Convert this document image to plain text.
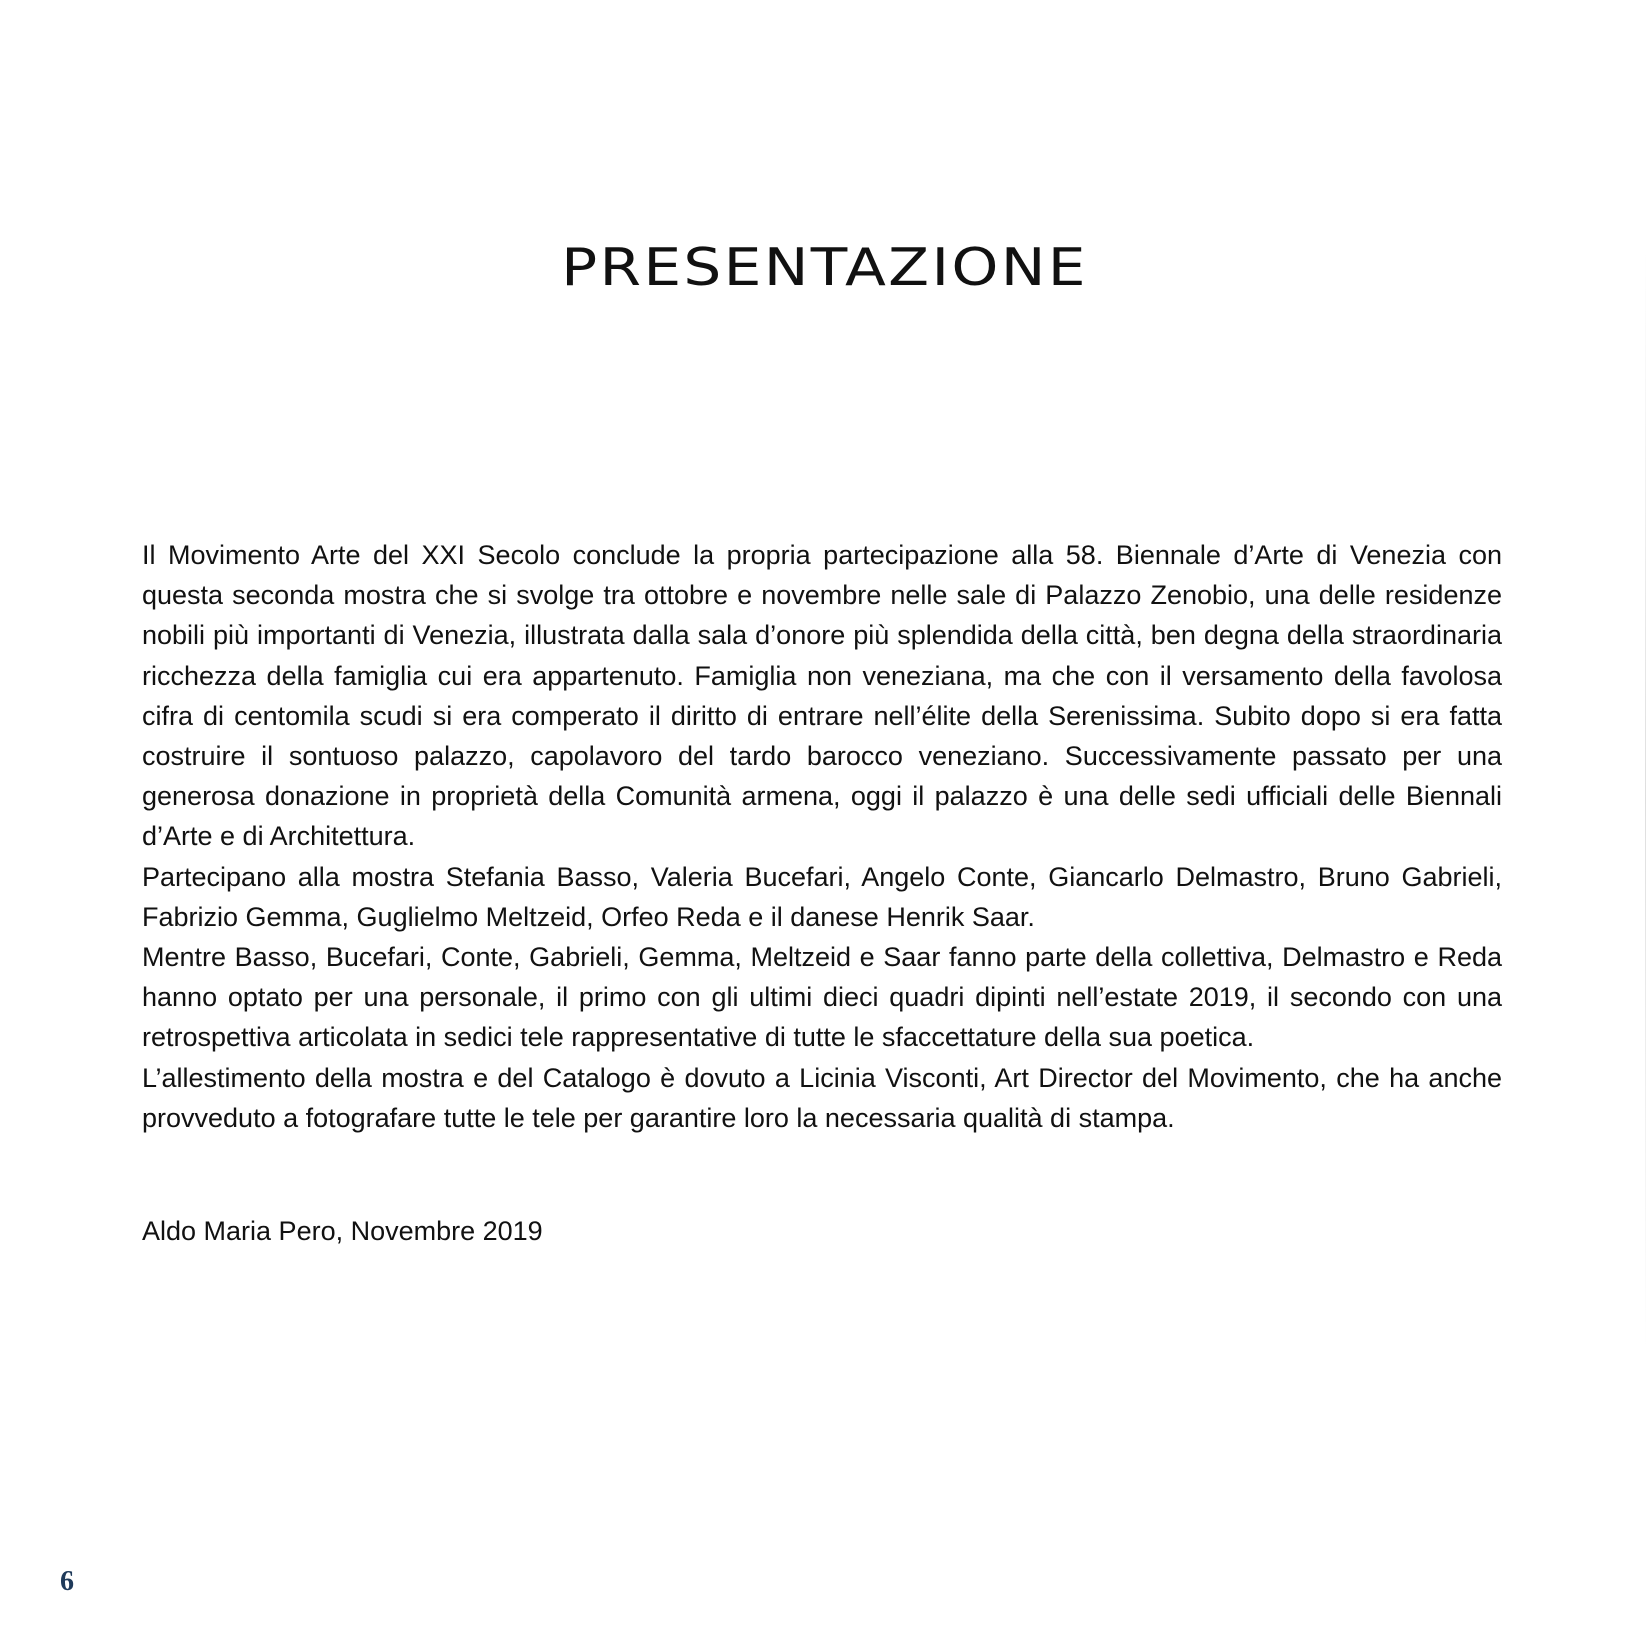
PRESENTAZIONE

Il Movimento Arte del XXI Secolo conclude la propria partecipazione alla 58. Biennale d’Arte di Venezia con questa seconda mostra che si svolge tra ottobre e novembre nelle sale di Palazzo Zenobio, una delle residenze nobili più importanti di Venezia, illustrata dalla sala d’onore più splendida della città, ben degna della straordinaria ricchezza della famiglia cui era appartenuto. Famiglia non veneziana, ma che con il versamento della favolosa cifra di centomila scudi si era comperato il diritto di entrare nell’élite della Serenissima. Subito dopo si era fatta costruire il sontuoso palazzo, capolavoro del tardo barocco veneziano. Successivamente passato per una generosa donazione in proprietà della Comunità armena, oggi il palazzo è una delle sedi ufficiali delle Biennali d’Arte e di Architettura.

Partecipano alla mostra Stefania Basso, Valeria Bucefari, Angelo Conte, Giancarlo Delmastro, Bruno Gabrieli, Fabrizio Gemma, Guglielmo Meltzeid, Orfeo Reda e il danese Henrik Saar.

Mentre Basso, Bucefari, Conte, Gabrieli, Gemma, Meltzeid e Saar fanno parte della collettiva, Delmastro e Reda hanno optato per una personale, il primo con gli ultimi dieci quadri dipinti nell’estate 2019, il secondo con una retrospettiva articolata in sedici tele rappresentative di tutte le sfaccettature della sua poetica.

L’allestimento della mostra e del Catalogo è dovuto a Licinia Visconti, Art Director del Movimento, che ha anche provveduto a fotografare tutte le tele per garantire loro la necessaria qualità di stampa.

Aldo Maria Pero, Novembre 2019

6
